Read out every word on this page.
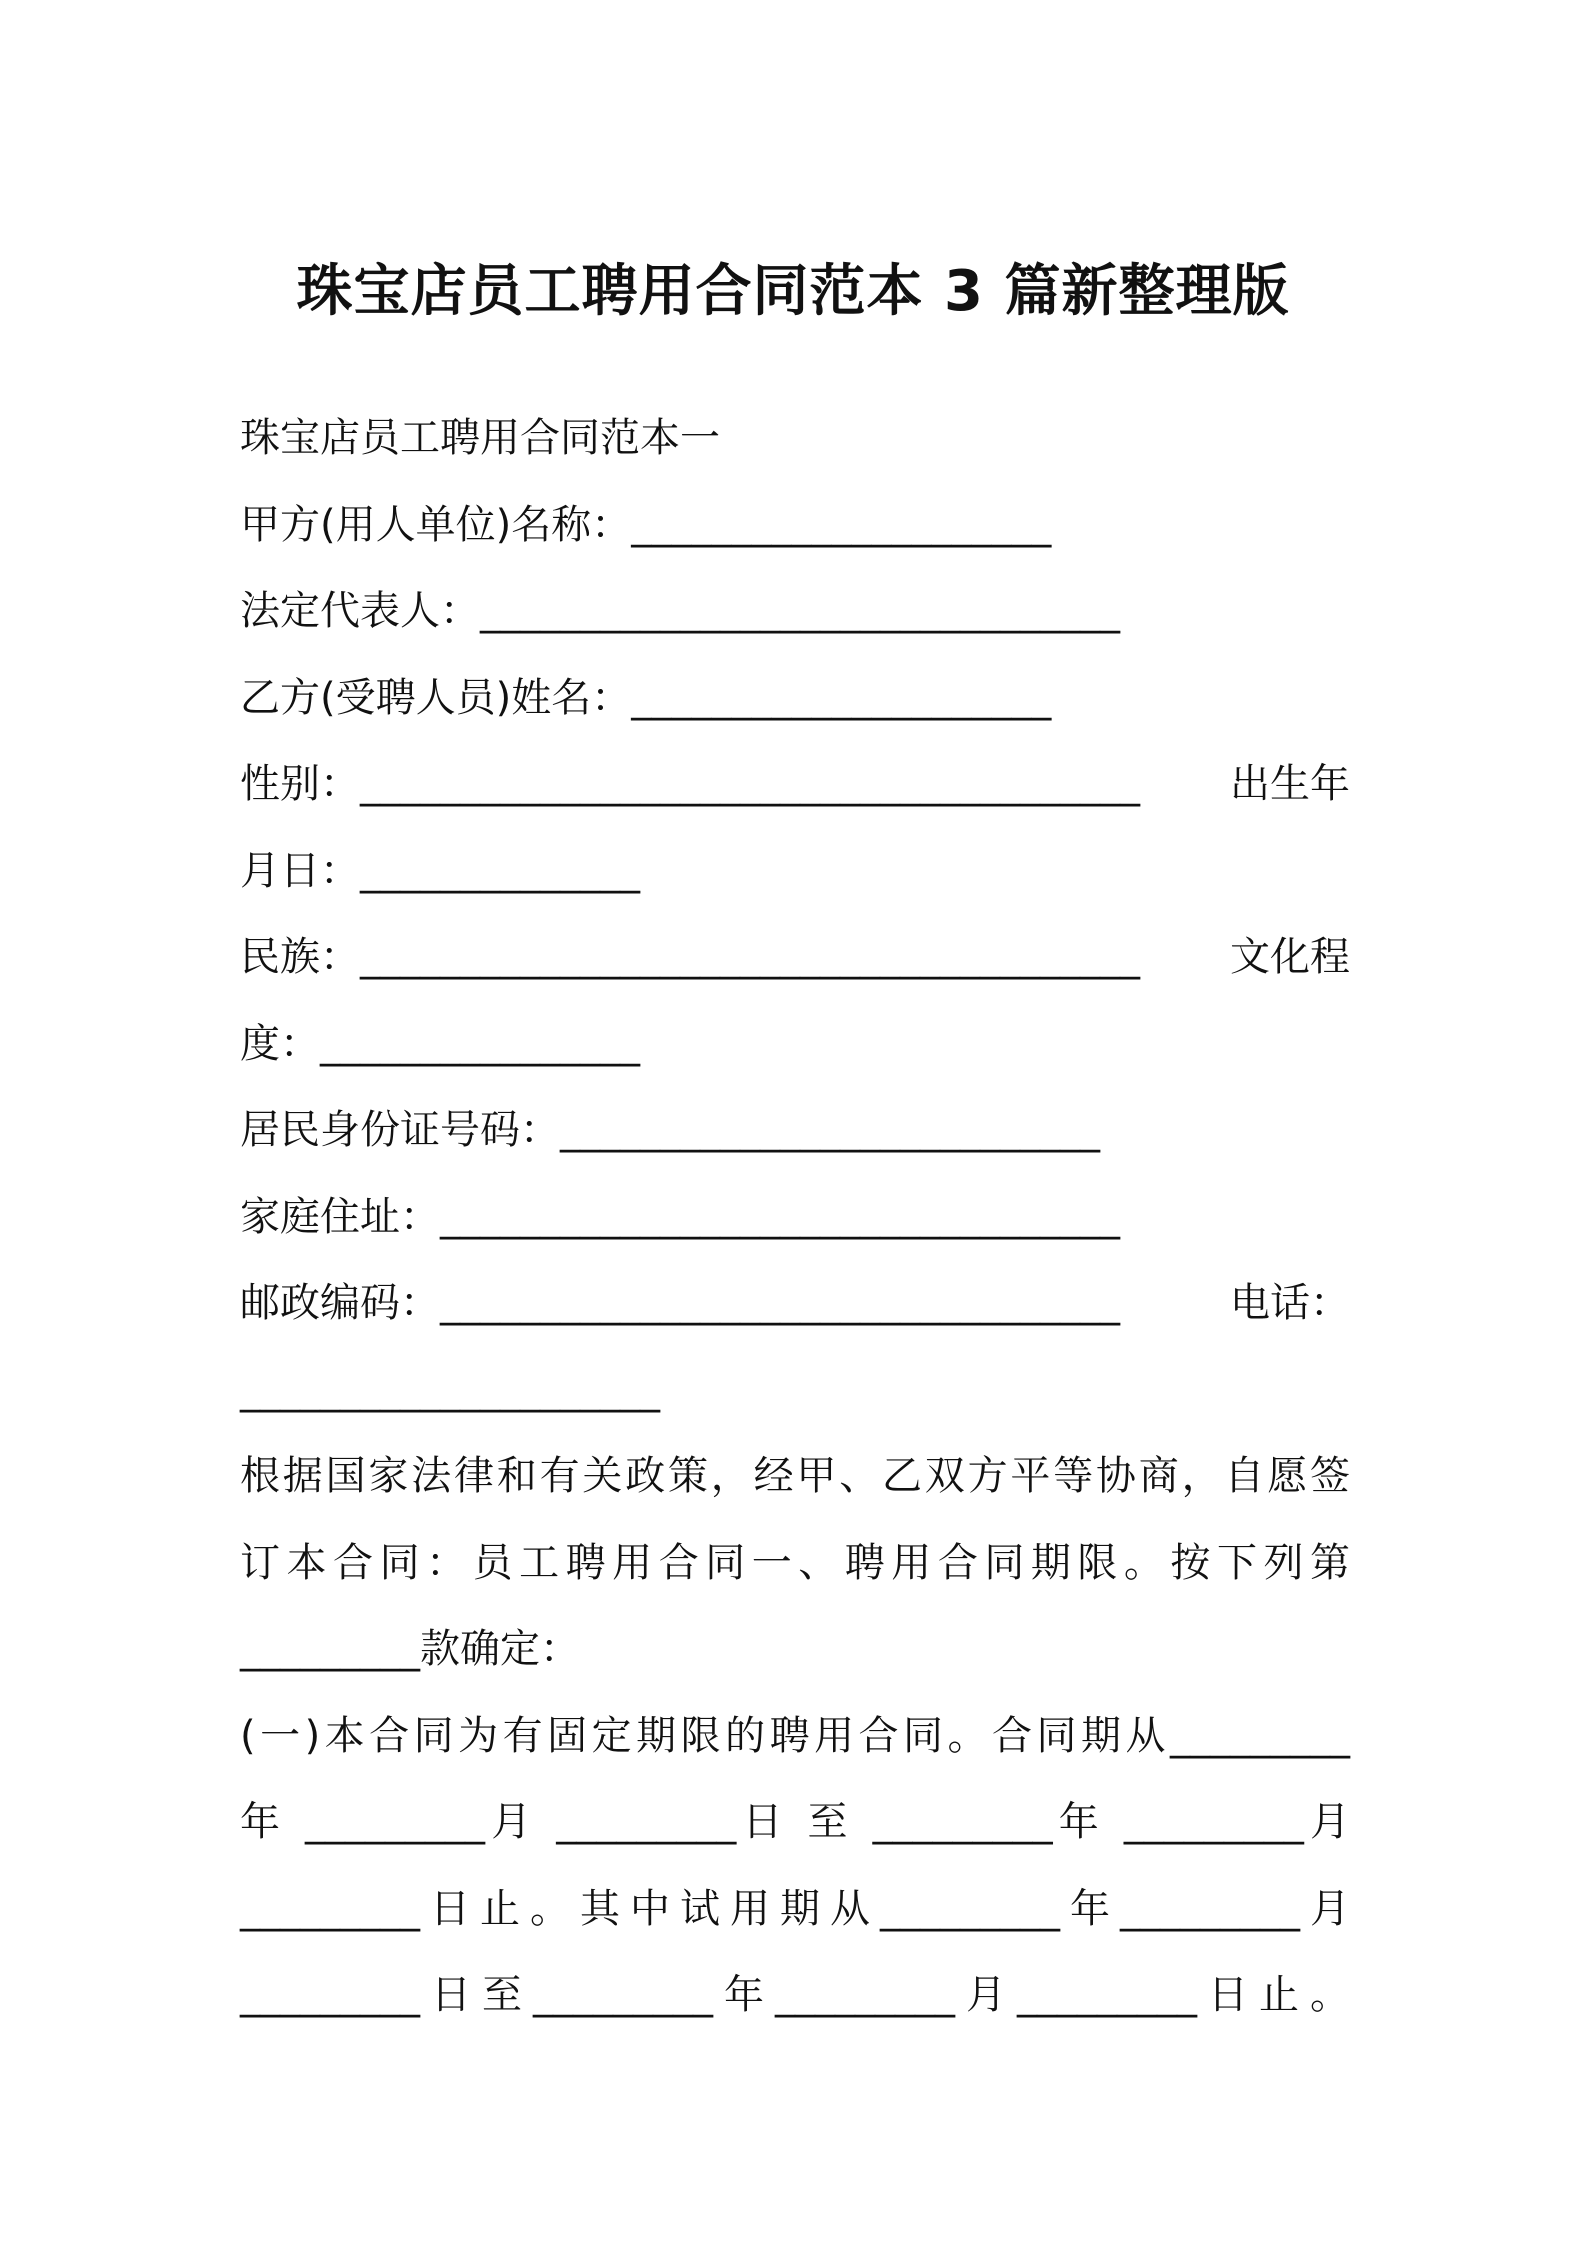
珠宝店员工聘用合同范本 3 篇新整理版
珠宝店员工聘用合同范本一
甲方(用人单位)名称：_____________________
法定代表人：________________________________
乙方(受聘人员)姓名：_____________________
性别：_______________________________________ 出生年
月日：______________
民族：_______________________________________ 文化程
度：________________
居民身份证号码：___________________________
家庭住址：__________________________________
邮政编码：__________________________________	电话：
_____________________
根据国家法律和有关政策，经甲、乙双方平等协商，自愿签
订本合同：员工聘用合同一、聘用合同期限。按下列第
_________款确定：
(一)本合同为有固定期限的聘用合同。合同期从_________
年 _________月 _________日 至 _________年 _________月
_________日止。其中试用期从_________年_________月
_________日至_________年_________月_________日止。
